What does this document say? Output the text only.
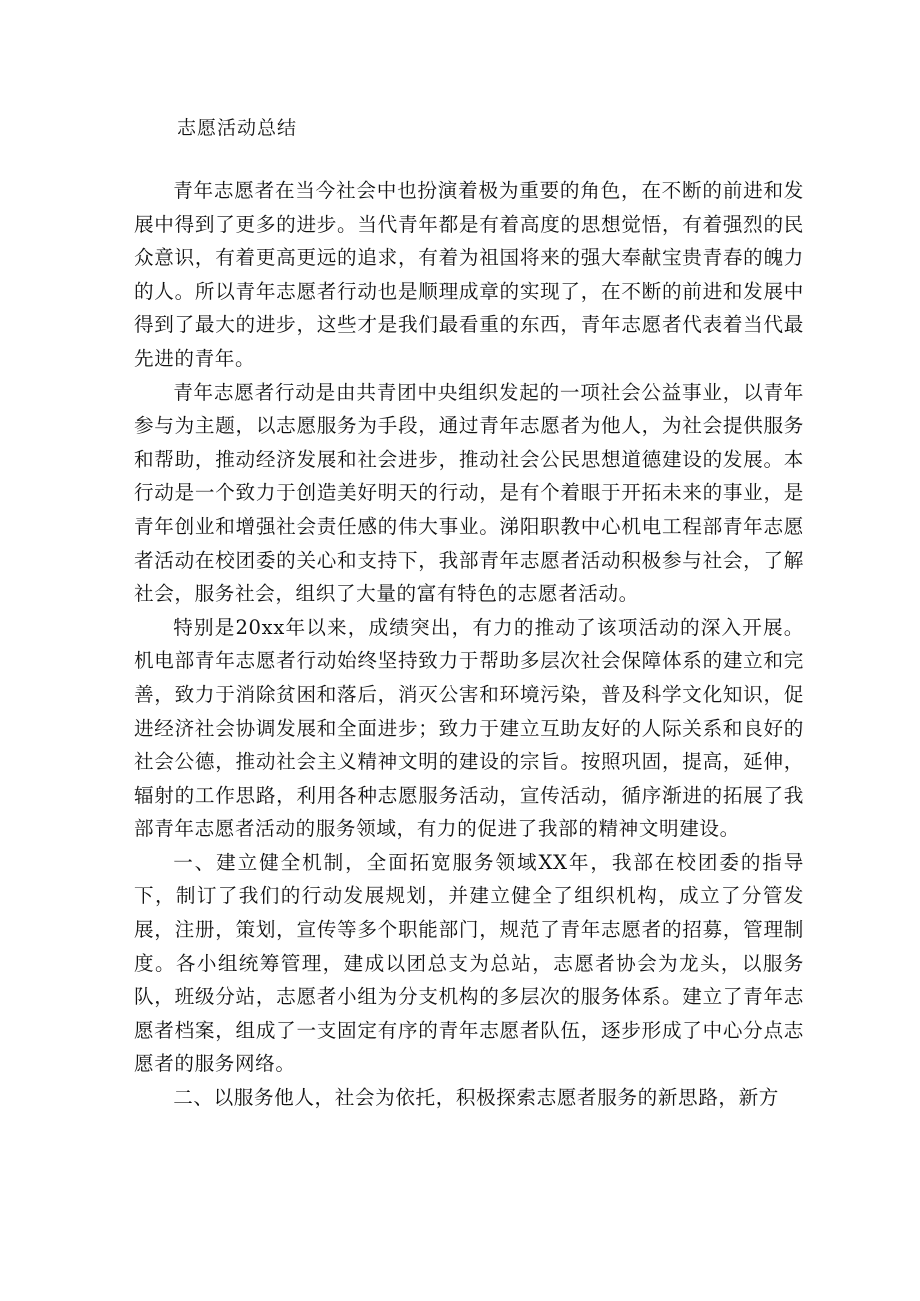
志愿活动总结

青年志愿者在当今社会中也扮演着极为重要的角色，在不断的前进和发展中得到了更多的进步。当代青年都是有着高度的思想觉悟，有着强烈的民众意识，有着更高更远的追求，有着为祖国将来的强大奉献宝贵青春的魄力的人。所以青年志愿者行动也是顺理成章的实现了，在不断的前进和发展中得到了最大的进步，这些才是我们最看重的东西，青年志愿者代表着当代最先进的青年。

青年志愿者行动是由共青团中央组织发起的一项社会公益事业，以青年参与为主题，以志愿服务为手段，通过青年志愿者为他人，为社会提供服务和帮助，推动经济发展和社会进步，推动社会公民思想道德建设的发展。本行动是一个致力于创造美好明天的行动，是有个着眼于开拓未来的事业，是青年创业和增强社会责任感的伟大事业。涕阳职教中心机电工程部青年志愿者活动在校团委的关心和支持下，我部青年志愿者活动积极参与社会，了解社会，服务社会，组织了大量的富有特色的志愿者活动。

特别是20xx年以来，成绩突出，有力的推动了该项活动的深入开展。机电部青年志愿者行动始终坚持致力于帮助多层次社会保障体系的建立和完善，致力于消除贫困和落后，消灭公害和环境污染，普及科学文化知识，促进经济社会协调发展和全面进步；致力于建立互助友好的人际关系和良好的社会公德，推动社会主义精神文明的建设的宗旨。按照巩固，提高，延伸，辐射的工作思路，利用各种志愿服务活动，宣传活动，循序渐进的拓展了我部青年志愿者活动的服务领域，有力的促进了我部的精神文明建设。

一、建立健全机制，全面拓宽服务领域XX年，我部在校团委的指导下，制订了我们的行动发展规划，并建立健全了组织机构，成立了分管发展，注册，策划，宣传等多个职能部门，规范了青年志愿者的招募，管理制度。各小组统筹管理，建成以团总支为总站，志愿者协会为龙头，以服务队，班级分站，志愿者小组为分支机构的多层次的服务体系。建立了青年志愿者档案，组成了一支固定有序的青年志愿者队伍，逐步形成了中心分点志愿者的服务网络。

二、以服务他人，社会为依托，积极探索志愿者服务的新思路，新方
